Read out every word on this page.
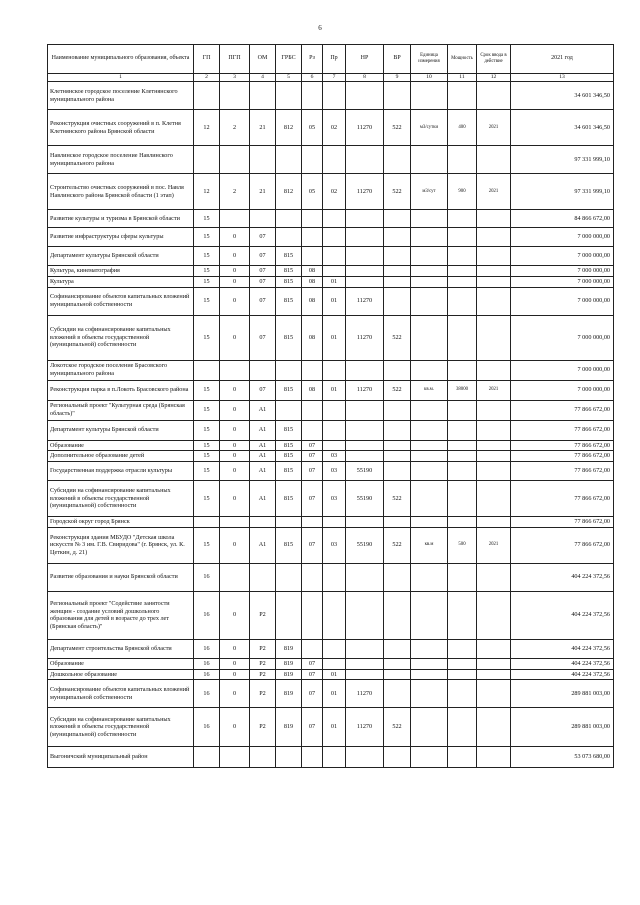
6
Наименование муниципального образования, объекта	ГП	ПГП	ОМ	ГРБС	Рз	Пр	НР	ВР	Единица измерения	Мощность	Срок ввода в действие	2021 год
1	2	3	4	5	6	7	8	9	10	11	12	13
Клетнянское городское поселение Клетнянского муниципального района												34 601 346,50
Реконструкция очистных сооружений в п. Клетня Клетнянского района Брянской области	12	2	21	812	05	02	11270	522	м3/сутки	400	2021	34 601 346,50
Навлинское городское поселение Навлинского муниципального района												97 331 999,10
Строительство очистных сооружений в пос. Навля Навлинского района Брянской области (1 этап)	12	2	21	812	05	02	11270	522	м3/сут	900	2021	97 331 999,10
Развитие культуры и туризма в Брянской области	15											84 866 672,00
Развитие инфраструктуры сферы культуры	15	0	07									7 000 000,00
Департамент культуры Брянской области	15	0	07	815								7 000 000,00
Культура, кинематография	15	0	07	815	08							7 000 000,00
Культура	15	0	07	815	08	01						7 000 000,00
Софинансирование объектов капитальных вложений муниципальной собственности	15	0	07	815	08	01	11270					7 000 000,00
Субсидии на софинансирование капитальных вложений в объекты государственной (муниципальной) собственности	15	0	07	815	08	01	11270	522				7 000 000,00
Локотское городское поселение Брасовского муниципального района												7 000 000,00
Реконструкция парка в п.Локоть Брасовского района	15	0	07	815	08	01	11270	522	кв.м.	38000	2021	7 000 000,00
Региональный проект "Культурная среда (Брянская область)"	15	0	A1									77 866 672,00
Департамент культуры Брянской области	15	0	A1	815								77 866 672,00
Образование	15	0	A1	815	07							77 866 672,00
Дополнительное образование детей	15	0	A1	815	07	03						77 866 672,00
Государственная поддержка отрасли культуры	15	0	A1	815	07	03	55190					77 866 672,00
Субсидии на софинансирование капитальных вложений в объекты государственной (муниципальной) собственности	15	0	A1	815	07	03	55190	522				77 866 672,00
Городской округ город Брянск												77 866 672,00
Реконструкция здания МБУДО "Детская школа искусств № 3 им. Г.В. Свиридова" (г. Брянск, ул. К. Цеткин, д. 21)	15	0	A1	815	07	03	55190	522	кв.м	500	2021	77 866 672,00
Развитие образования и науки Брянской области	16											404 224 372,56
Региональный проект "Содействие занятости женщин - создание условий дошкольного образования для детей в возрасте до трех лет (Брянская область)"	16	0	P2									404 224 372,56
Департамент строительства Брянской области	16	0	P2	819								404 224 372,56
Образование	16	0	P2	819	07							404 224 372,56
Дошкольное образование	16	0	P2	819	07	01						404 224 372,56
Софинансирование объектов капитальных вложений муниципальной собственности	16	0	P2	819	07	01	11270					289 881 003,00
Субсидии на софинансирование капитальных вложений в объекты государственной (муниципальной) собственности	16	0	P2	819	07	01	11270	522				289 881 003,00
Выгоничский муниципальный район												53 073 680,00
